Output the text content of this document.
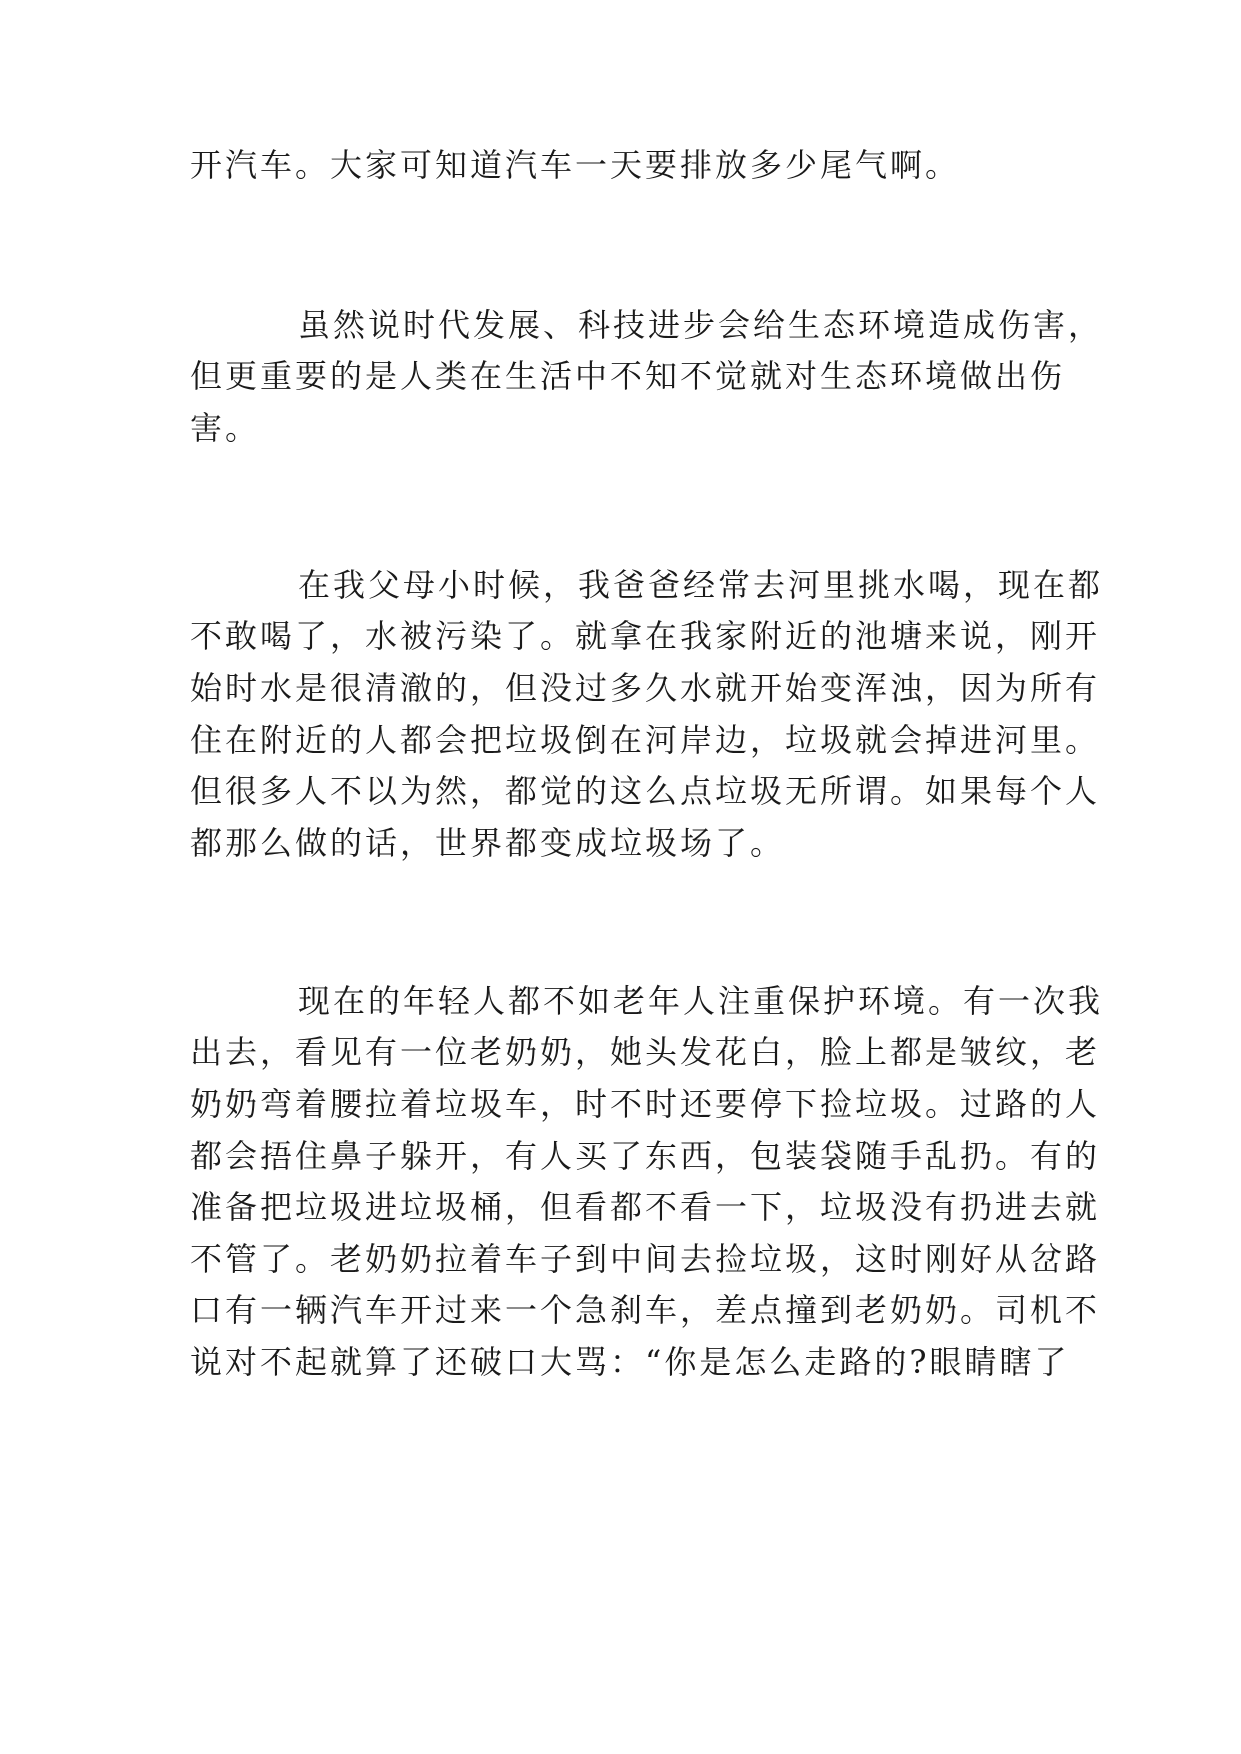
开汽车。大家可知道汽车一天要排放多少尾气啊。

虽然说时代发展、科技进步会给生态环境造成伤害，

但更重要的是人类在生活中不知不觉就对生态环境做出伤

害。

在我父母小时候，我爸爸经常去河里挑水喝，现在都

不敢喝了，水被污染了。就拿在我家附近的池塘来说，刚开

始时水是很清澈的，但没过多久水就开始变浑浊，因为所有

住在附近的人都会把垃圾倒在河岸边，垃圾就会掉进河里。

但很多人不以为然，都觉的这么点垃圾无所谓。如果每个人

都那么做的话，世界都变成垃圾场了。

现在的年轻人都不如老年人注重保护环境。有一次我

出去，看见有一位老奶奶，她头发花白，脸上都是皱纹，老

奶奶弯着腰拉着垃圾车，时不时还要停下捡垃圾。过路的人

都会捂住鼻子躲开，有人买了东西，包装袋随手乱扔。有的

准备把垃圾进垃圾桶，但看都不看一下，垃圾没有扔进去就

不管了。老奶奶拉着车子到中间去捡垃圾，这时刚好从岔路

口有一辆汽车开过来一个急刹车，差点撞到老奶奶。司机不

说对不起就算了还破口大骂：“你是怎么走路的?眼睛瞎了
